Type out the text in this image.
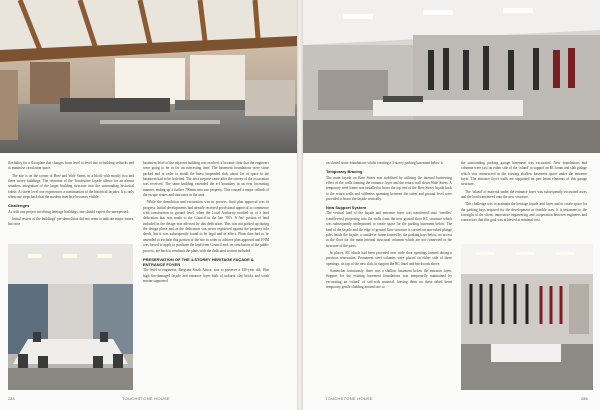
flexibility for a floorplate that changes from level to level due to building setbacks and to minimise circulation space.

The site is on the corner of Bree and Wale Street, in a block with mostly two and three storey buildings. The retention of the Touchstone façade allows for an almost seamless integration of the larger building structure into the surrounding historical fabric. At street level one experiences a continuation of the historical façades. It is only when one steps back that the modern interface becomes visible.

Challenges

As with any project involving heritage buildings, one should expect the unexpected.

Initial review of the buildings’ pre-demolition did not seem to indicate major issues, but once

basement level of the adjacent building was reached, it became clear that the engineers were going to be in for an interesting time. The basement foundations were stone packed and in order to install the latest suspended slab, about 1m of space in the basement had to be forfeited. The next surprise came after the survey of the excavation was received. The same building extended the erf boundary in an ever increasing manner, ending up a further 700mm into our property. This caused a major rethink of the escape routes and staircases in the area.

While the demolition and excavation was in process, final plan approval was in progress. Initial developments had already received provisional approval to commence with construction to ground level, when the Local Authority notified us of a land dedication that was made to the Council in the late ’90’s. A 5m² portion of land included in the design was affected by this dedication. This was not picked up during the design phase and as the dedication was never registered against the property title deeds, but it was subsequently found to be legal and in effect. Plans then had to be amended to exclude this portion of the site in order to achieve plan approval and FNM was forced to apply to purchase the land from Council and, on conclusion of the public process, are back to resubmit the plans with the dedicated section included.

PRESERVATION OF THE 4-STOREY HERITAGE FAÇADE & ENTRANCE FOYER

The brief to engineers, Bergstan South Africa, was to preserve a 130-year old, 10m high fire-damaged façade and entrance foyer built of unburnt clay bricks and weak mortar supported

284	TOUCHSTONE HOUSE

on slotted stone foundations whilst creating a 3-storey parking basement below it.

Temporary Bracing

The main façade on Bree Street was stabilised by utilising the internal buttressing effect of the walls framing the entrance foyer and the return wall down Wale Street. A temporary steel frame was installed to brace the top end of the Bree Street façade back to the return walls and stiffeners spanning between the street and ground level were provided to brace the façade vertically.

New Support System

The vertical load of the façade and entrance foyer was transferred onto ‘needles’ (cantilevers) projecting into the walls from the new ground floor RC structure which was subsequently underpinned to create space for the parking basement below. The land of the façade and the edge of ground floor structure is carried on non-raked plunge piles inside the façade; a cantilever frame formed by the parking bays below, no access to the floor for the main internal structural columns which are not connected to the structure of the piers.

In places, RC blinds had been provided over wide door openings formed during a previous renovation. Permanent steel columns were placed on either side of these openings, on top of the new slab, to support the RC lintel and brickwork above.

Somewhat fortuitously, there was a shallow basement below the entrance foyer. Support for the existing basement foundations was temporarily maintained by excavating an ‘island’ of soil-rock material, leaving them on these raked berm temporary gentle cladding around one so

the surrounding parking garage basement was excavated. New foundations and columns were cast on either side of the ‘island’ to support an RC beam and slab girlage which was constructed in the existing shallow basement space under the entrance foyer. The entrance foyer walls are supported on pier beam elements of this garage structure.

The ‘island’ of material under the entrance foyer was subsequently excavated away and the load transferred onto the new structure.

This challenge was to maintain the heritage façade and foyer and to create space for the parking bays required for the development as feasible uses. It is testament to the foresight of the client, innovative engineering and cooperation between engineers and contractors that this goal was achieved at minimal cost.

TOUCHSTONE HOUSE	285
